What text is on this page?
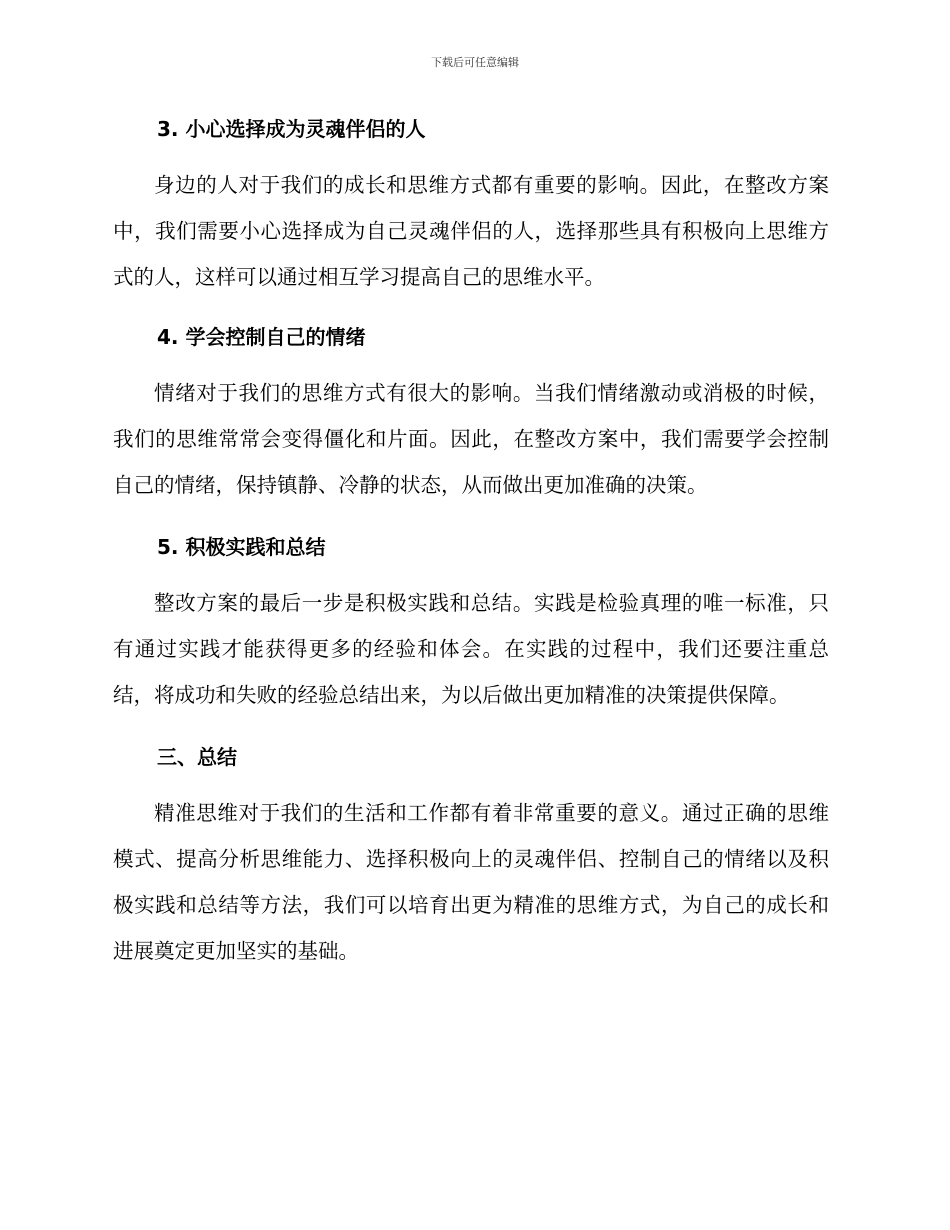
下载后可任意编辑
3. 小心选择成为灵魂伴侣的人

身边的人对于我们的成长和思维方式都有重要的影响。因此，在整改方案中，我们需要小心选择成为自己灵魂伴侣的人，选择那些具有积极向上思维方式的人，这样可以通过相互学习提高自己的思维水平。

4. 学会控制自己的情绪

情绪对于我们的思维方式有很大的影响。当我们情绪激动或消极的时候，我们的思维常常会变得僵化和片面。因此，在整改方案中，我们需要学会控制自己的情绪，保持镇静、冷静的状态，从而做出更加准确的决策。

5. 积极实践和总结

整改方案的最后一步是积极实践和总结。实践是检验真理的唯一标准，只有通过实践才能获得更多的经验和体会。在实践的过程中，我们还要注重总结，将成功和失败的经验总结出来，为以后做出更加精准的决策提供保障。

三、总结

精准思维对于我们的生活和工作都有着非常重要的意义。通过正确的思维模式、提高分析思维能力、选择积极向上的灵魂伴侣、控制自己的情绪以及积极实践和总结等方法，我们可以培育出更为精准的思维方式，为自己的成长和进展奠定更加坚实的基础。
